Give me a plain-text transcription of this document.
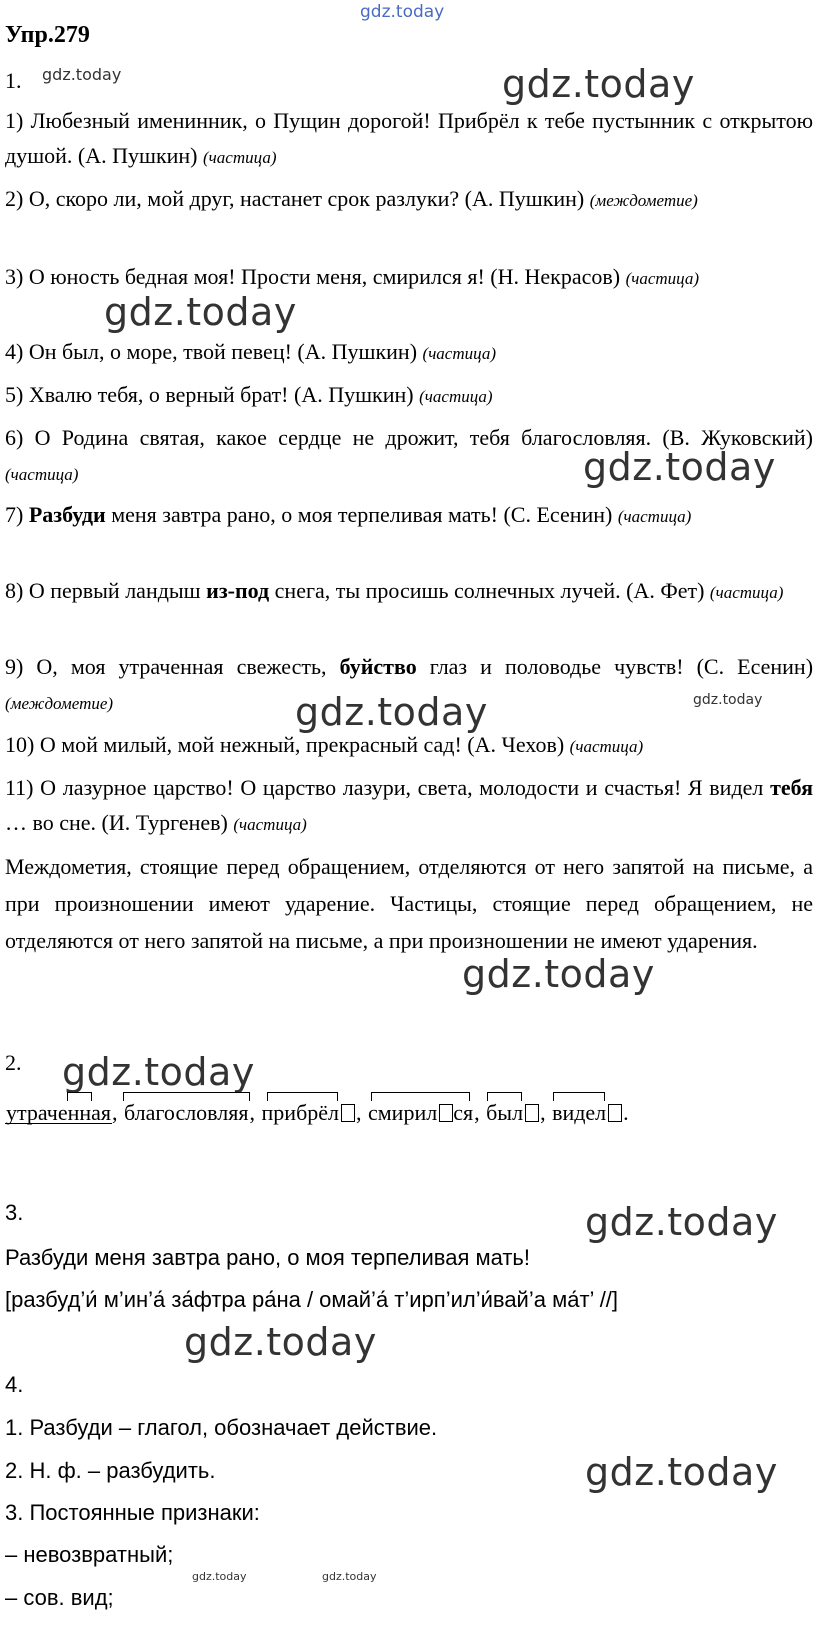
gdz.today
gdz.today	gdz.today
gdz.today
gdz.today
gdz.today	gdz.today
gdz.today
gdz.today
gdz.today
gdz.today
gdz.today
gdz.today	gdz.today
Упр.279
1.
1) Любезный именинник, о Пущин дорогой! Прибрёл к тебе пустынник с открытою душой. (А. Пушкин) (частица)
2) О, скоро ли, мой друг, настанет срок разлуки? (А. Пушкин) (междометие)
3) О юность бедная моя! Прости меня, смирился я! (Н. Некрасов) (частица)
4) Он был, о море, твой певец! (А. Пушкин) (частица)
5) Хвалю тебя, о верный брат! (А. Пушкин) (частица)
6) О Родина святая, какое сердце не дрожит, тебя благословляя. (В. Жуковский) (частица)
7) Разбуди меня завтра рано, о моя терпеливая мать! (С. Есенин) (частица)
8) О первый ландыш из-под снега, ты просишь солнечных лучей. (А. Фет) (частица)
9) О, моя утраченная свежесть, буйство глаз и половодье чувств! (С. Есенин) (междометие)
10) О мой милый, мой нежный, прекрасный сад! (А. Чехов) (частица)
11) О лазурное царство! О царство лазури, света, молодости и счастья! Я видел тебя … во сне. (И. Тургенев) (частица)
Междометия, стоящие перед обращением, отделяются от него запятой на письме, а при произношении имеют ударение. Частицы, стоящие перед обращением, не отделяются от него запятой на письме, а при произношении не имеют ударения.
2.
утраченная
, благословляя
, прибрёл , смирил ся, был , видел .
3.
Разбуди меня завтра рано, о моя терпеливая мать!
[разбуд’и́ м’ин’а́ за́фтра ра́на / омай’а́ т’ирп’ил’и́вай’а ма́т’ //]
4.
1. Разбуди – глагол, обозначает действие.
2. Н. ф. – разбудить.
3. Постоянные признаки:
– невозвратный;
– сов. вид;
